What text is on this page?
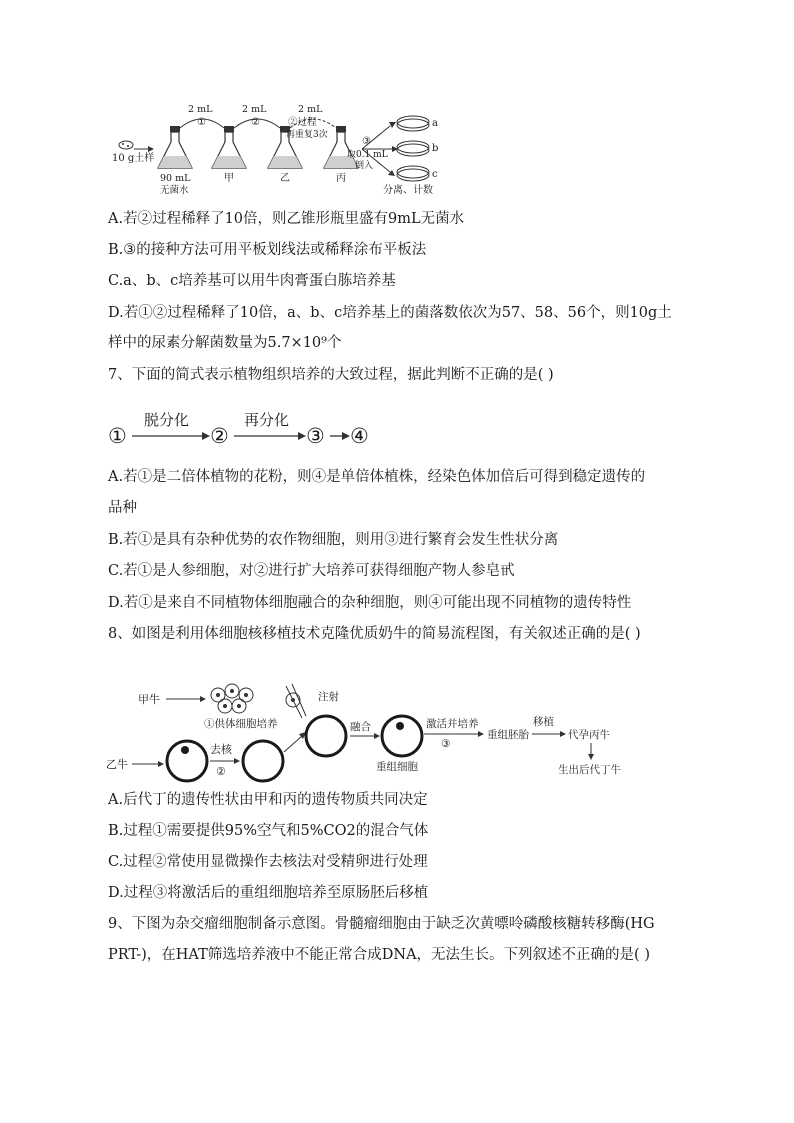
10 g土样
90 mL
无菌水
甲	乙	丙
2 mL
①
2 mL
②
2 mL
②过程
再重复3次
③
取0.1 mL
倒入
a
b
c
分离、计数
A.若②过程稀释了10倍，则乙锥形瓶里盛有9mL无菌水
B.③的接种方法可用平板划线法或稀释涂布平板法
C.a、b、c培养基可以用牛肉膏蛋白胨培养基
D.若①②过程稀释了10倍，a、b、c培养基上的菌落数依次为57、58、56个，则10g土
样中的尿素分解菌数量为5.7×10⁹个
7、下面的简式表示植物组织培养的大致过程，据此判断不正确的是( )
①
脱分化
②
再分化
③ ④
A.若①是二倍体植物的花粉，则④是单倍体植株，经染色体加倍后可得到稳定遗传的
品种
B.若①是具有杂种优势的农作物细胞，则用③进行繁育会发生性状分离
C.若①是人参细胞，对②进行扩大培养可获得细胞产物人参皂甙
D.若①是来自不同植物体细胞融合的杂种细胞，则④可能出现不同植物的遗传特性
8、如图是利用体细胞核移植技术克隆优质奶牛的简易流程图，有关叙述正确的是( )
甲牛
①供体细胞培养
注射
乙牛
去核
②
融合
重组细胞
激活并培养
③
重组胚胎
移植
代孕丙牛
生出后代丁牛
A.后代丁的遗传性状由甲和丙的遗传物质共同决定
B.过程①需要提供95%空气和5%CO2的混合气体
C.过程②常使用显微操作去核法对受精卵进行处理
D.过程③将激活后的重组细胞培养至原肠胚后移植
9、下图为杂交瘤细胞制备示意图。骨髓瘤细胞由于缺乏次黄嘌呤磷酸核糖转移酶(HG
PRT-)，在HAT筛选培养液中不能正常合成DNA，无法生长。下列叙述不正确的是( )
